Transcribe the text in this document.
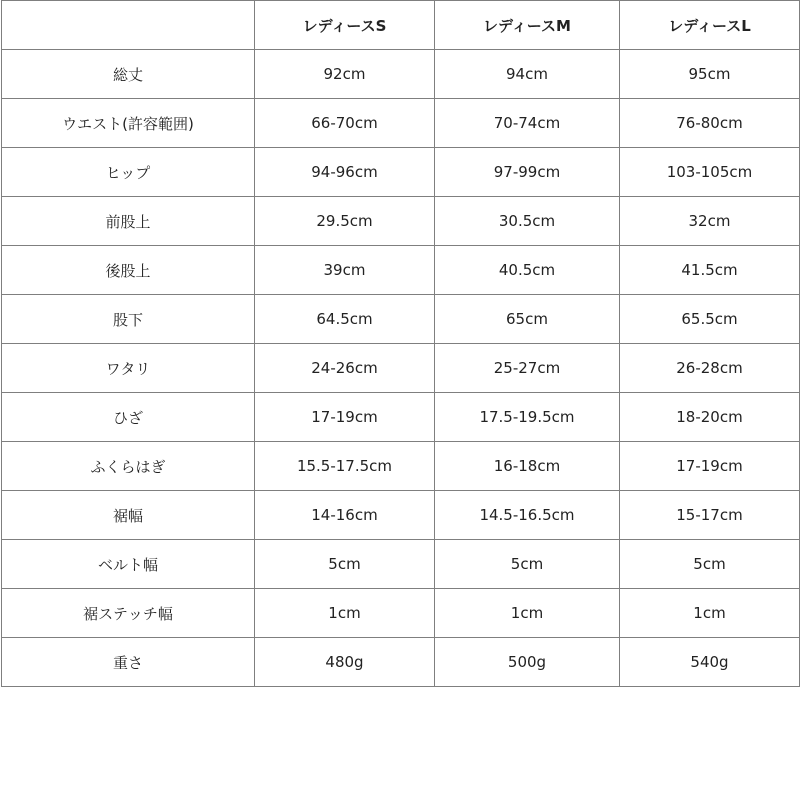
	レディースS	レディースM	レディースL
総丈	92cm	94cm	95cm
ウエスト(許容範囲)	66-70cm	70-74cm	76-80cm
ヒップ	94-96cm	97-99cm	103-105cm
前股上	29.5cm	30.5cm	32cm
後股上	39cm	40.5cm	41.5cm
股下	64.5cm	65cm	65.5cm
ワタリ	24-26cm	25-27cm	26-28cm
ひざ	17-19cm	17.5-19.5cm	18-20cm
ふくらはぎ	15.5-17.5cm	16-18cm	17-19cm
裾幅	14-16cm	14.5-16.5cm	15-17cm
ベルト幅	5cm	5cm	5cm
裾ステッチ幅	1cm	1cm	1cm
重さ	480g	500g	540g
